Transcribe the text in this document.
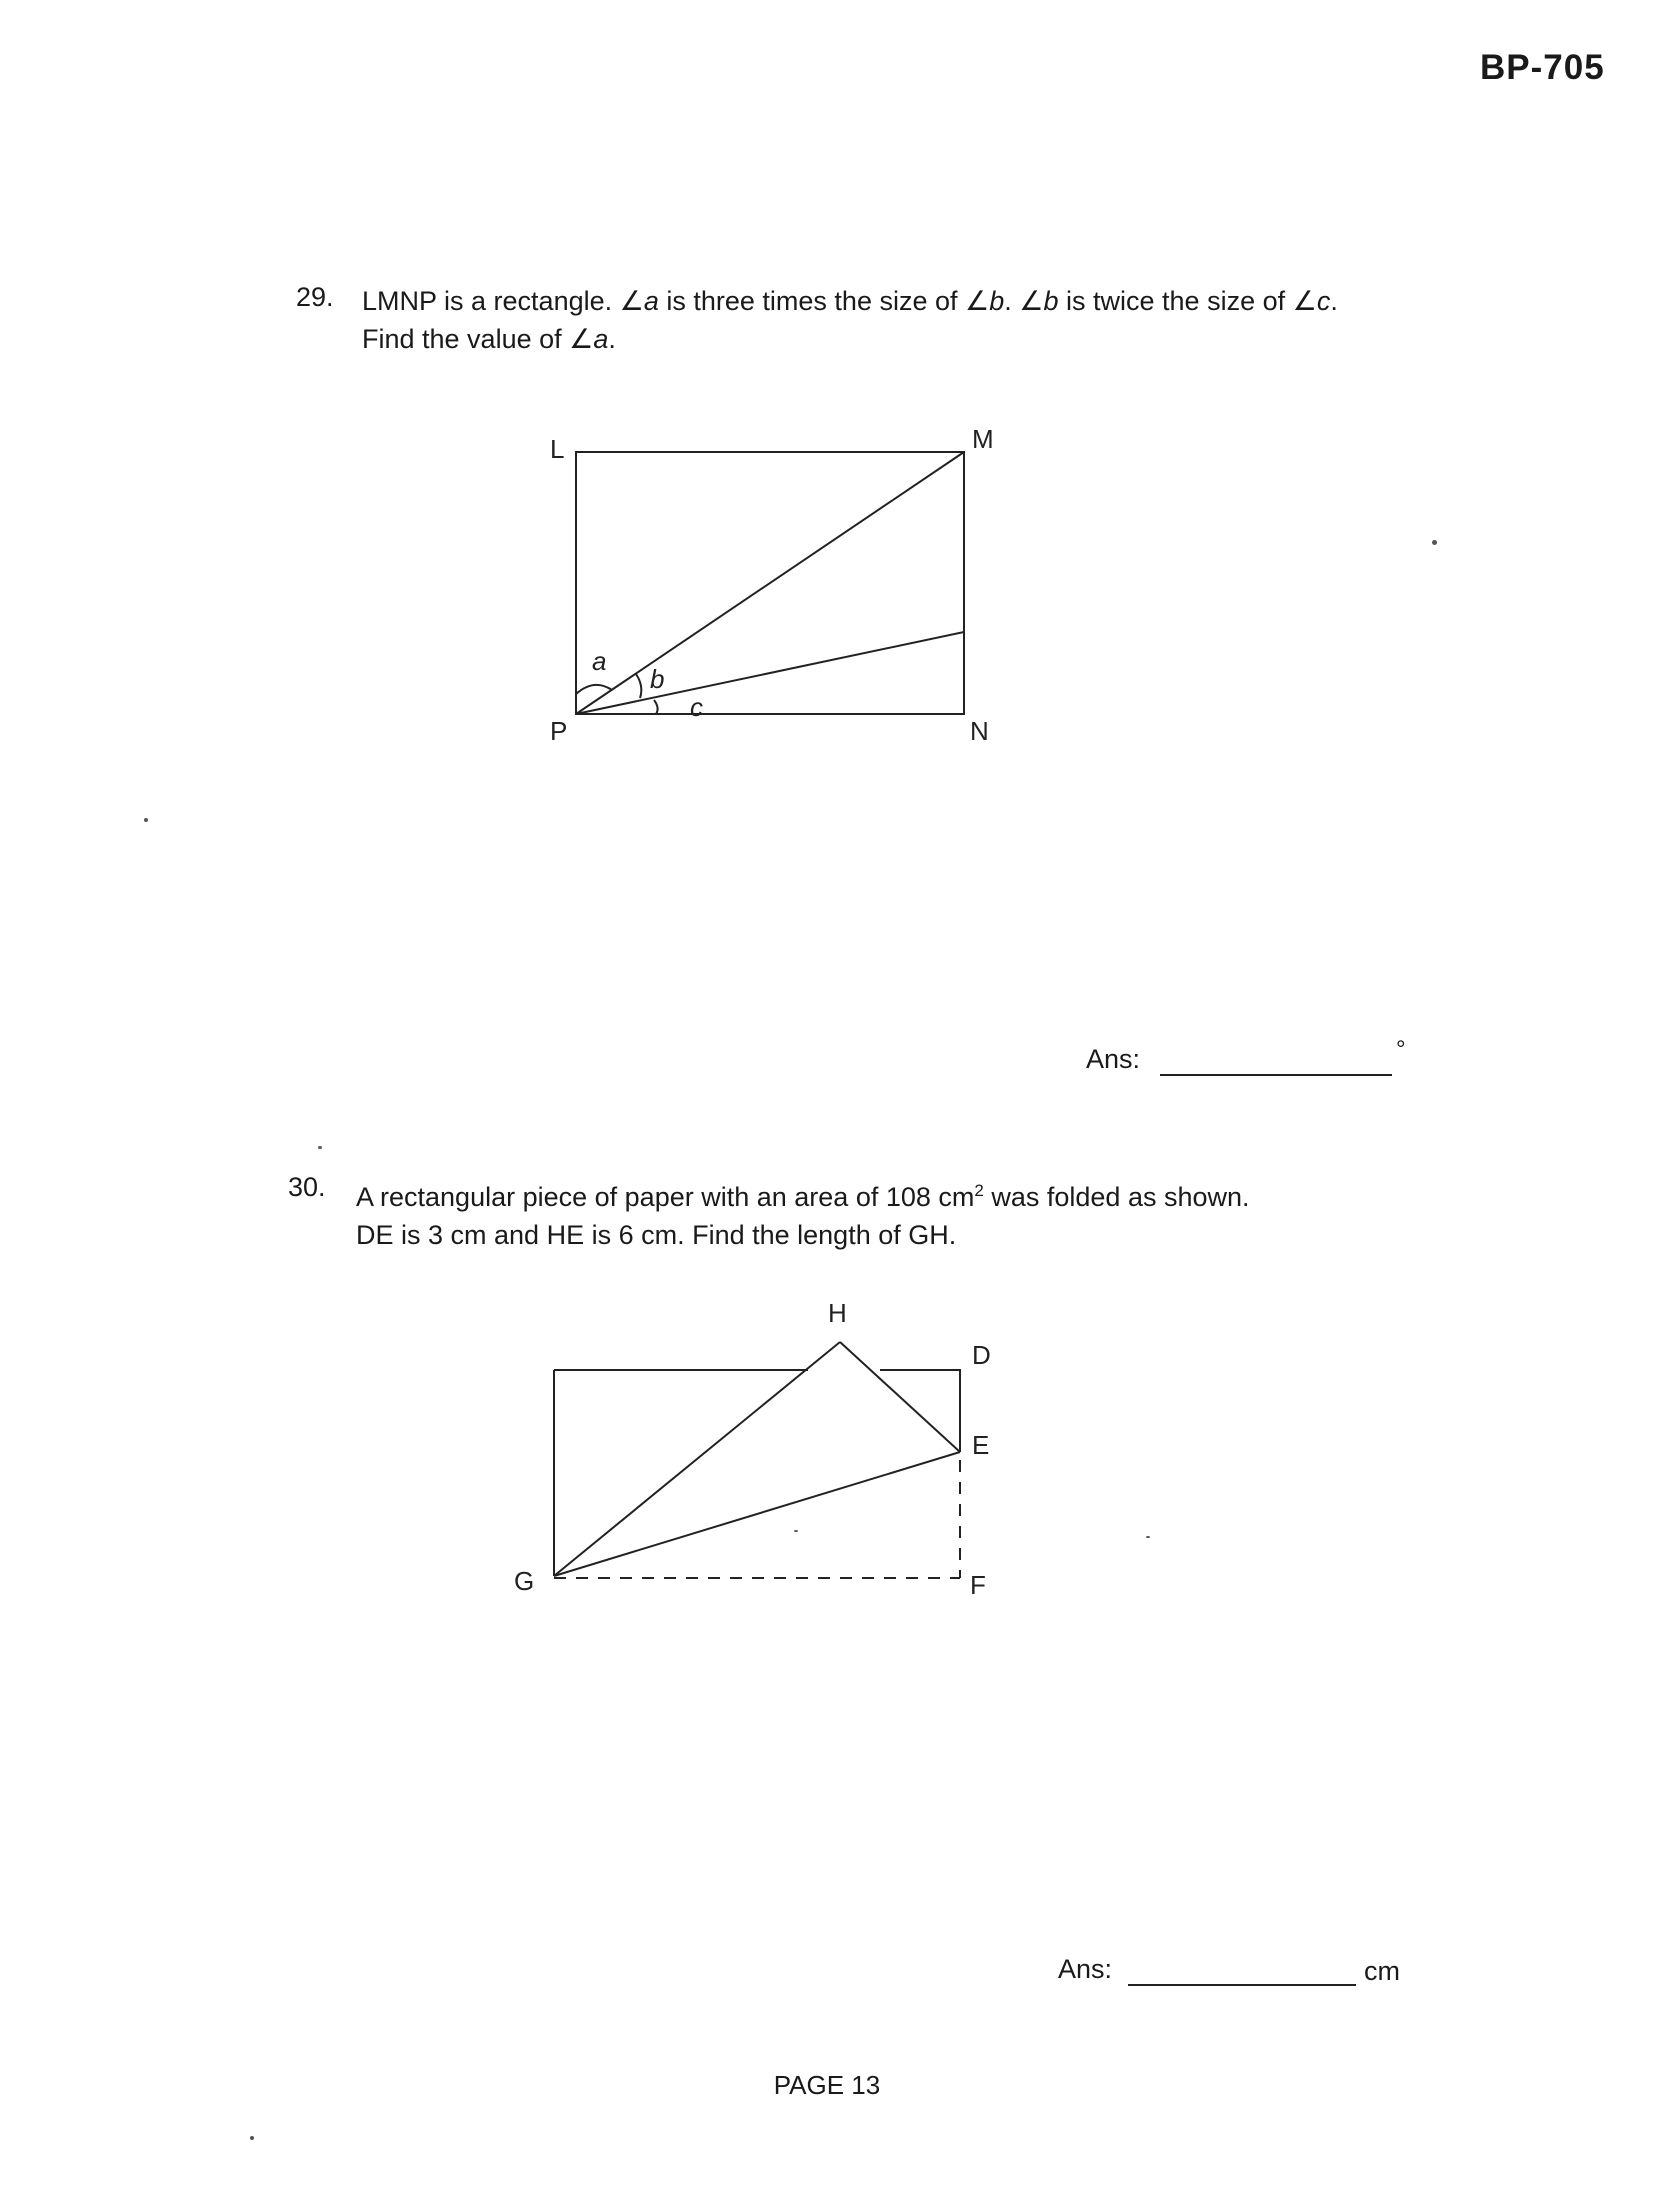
BP-705
29. LMNP is a rectangle. ∠a is three times the size of ∠b. ∠b is twice the size of ∠c.
Find the value of ∠a.
L	M
N
P
a
b
c
Ans:	°
30. A rectangular piece of paper with an area of 108 $cm^2$ was folded as shown.
DE is 3 cm and HE is 6 cm. Find the length of GH.
H
D
E
G	F
Ans:	cm
PAGE 13
